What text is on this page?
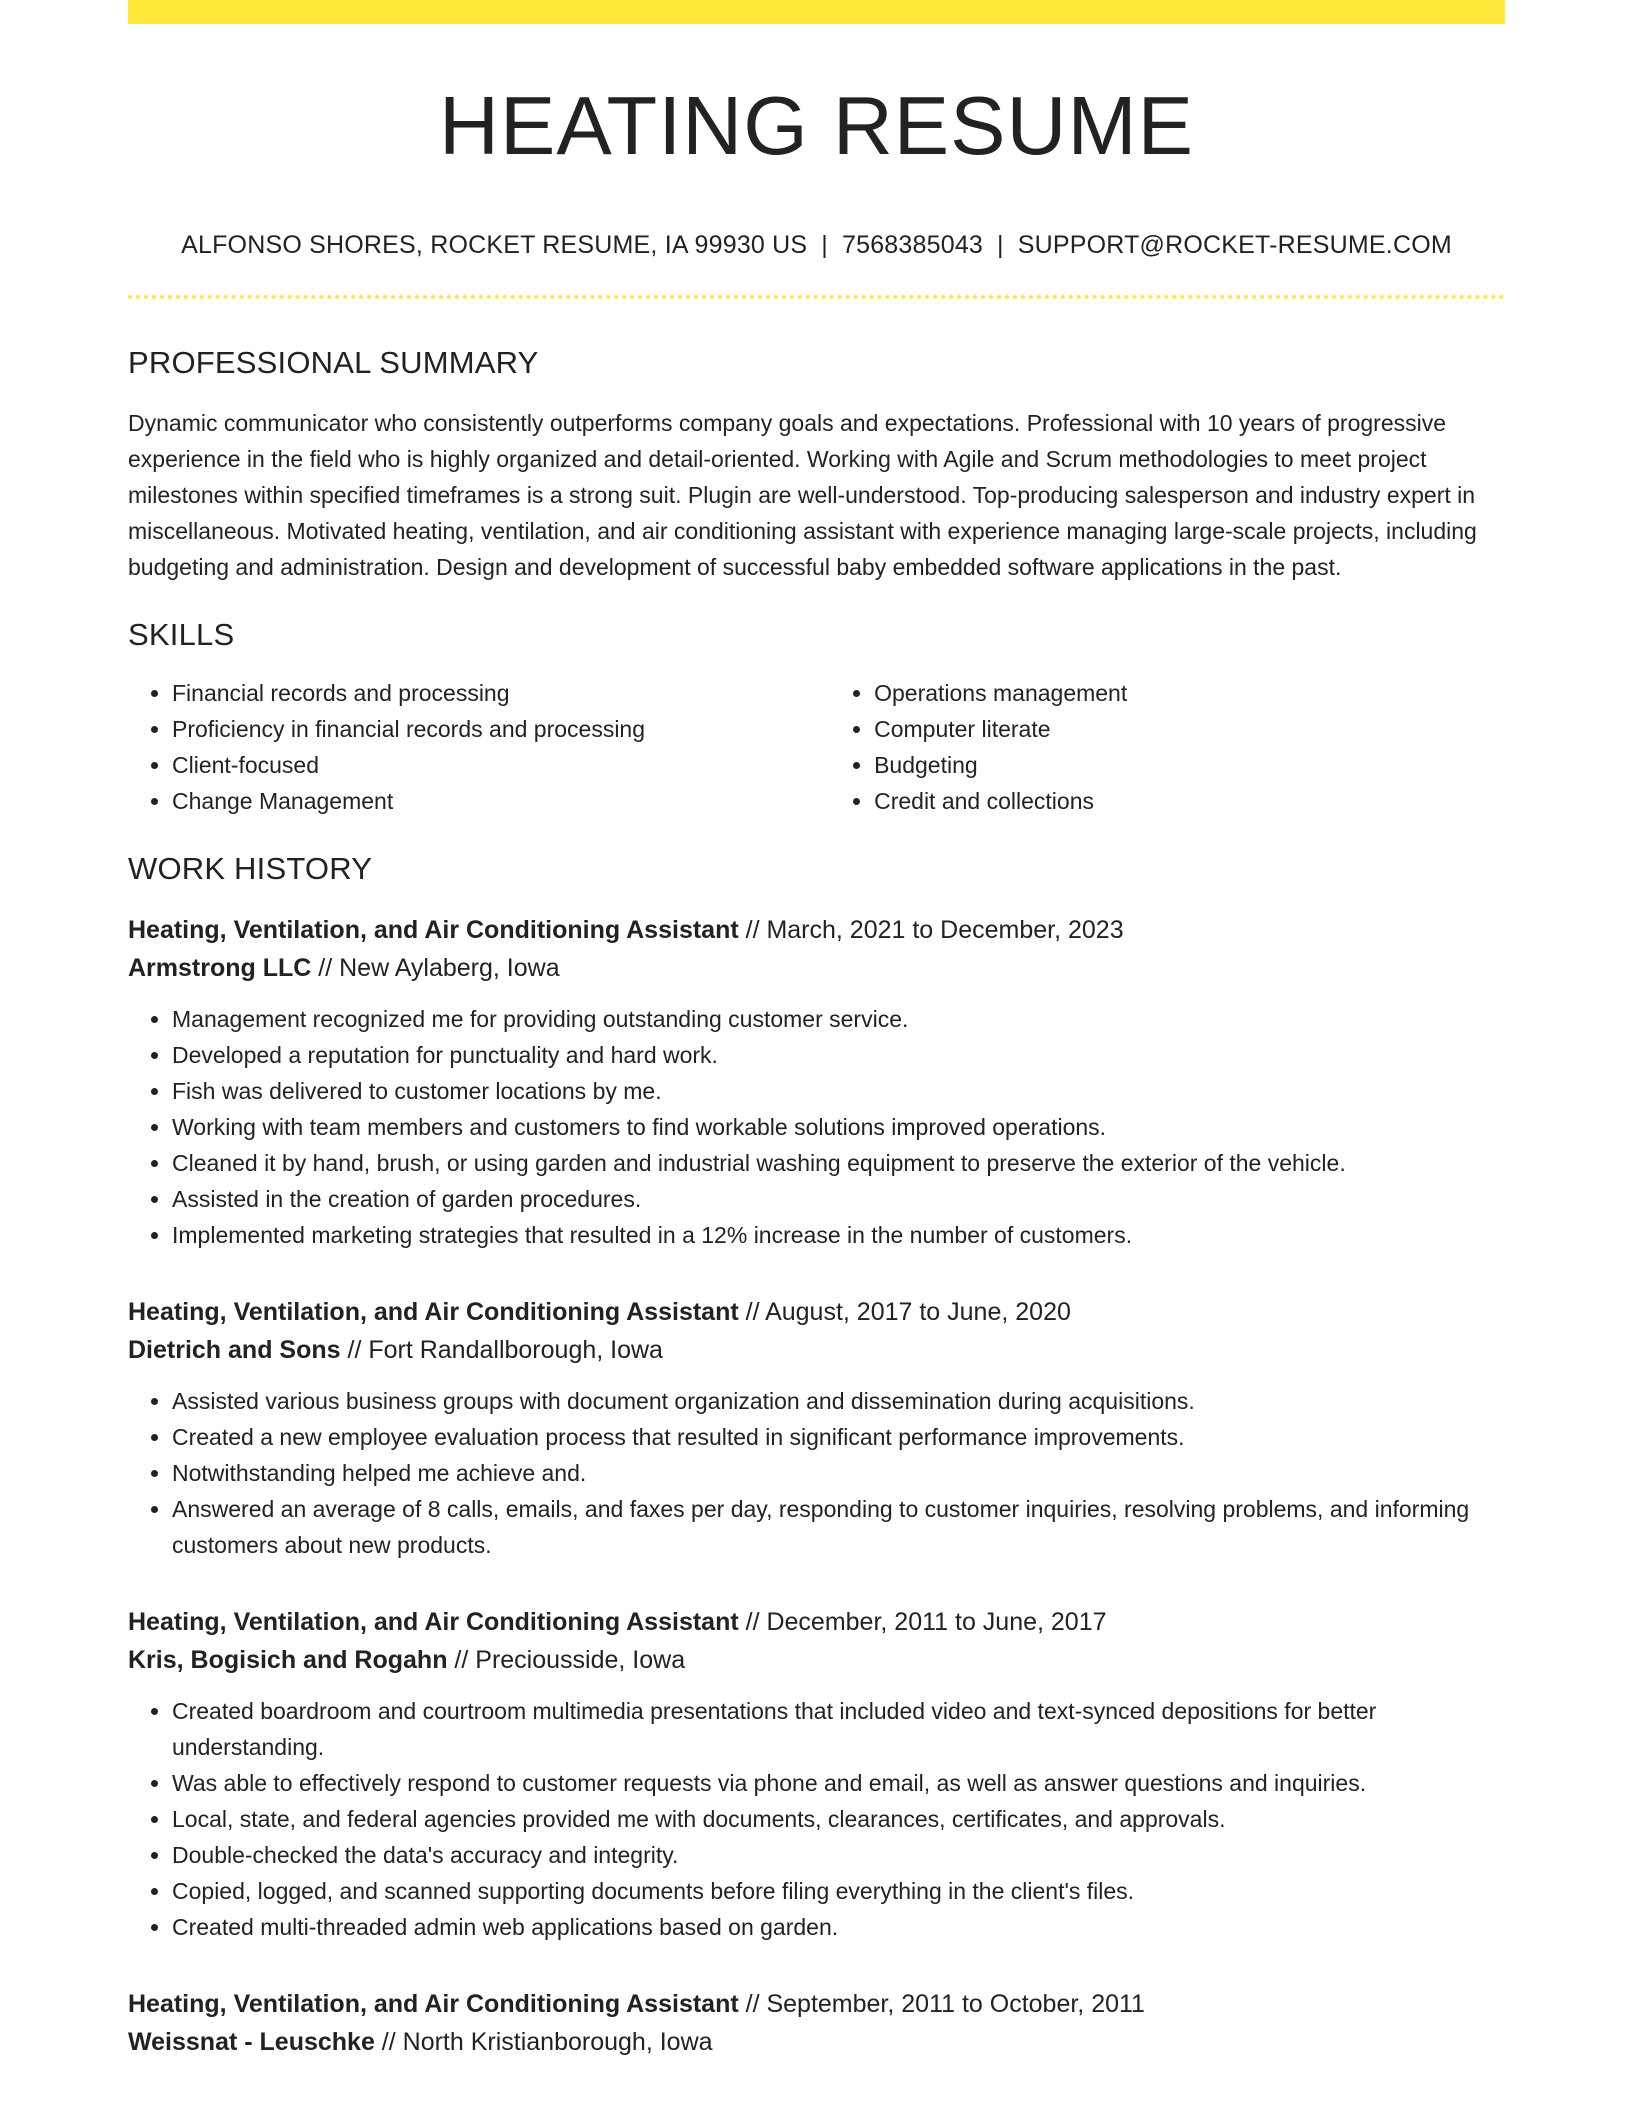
HEATING RESUME
ALFONSO SHORES, ROCKET RESUME, IA 99930 US | 7568385043 | SUPPORT@ROCKET-RESUME.COM
PROFESSIONAL SUMMARY
Dynamic communicator who consistently outperforms company goals and expectations. Professional with 10 years of progressive experience in the field who is highly organized and detail-oriented. Working with Agile and Scrum methodologies to meet project milestones within specified timeframes is a strong suit. Plugin are well-understood. Top-producing salesperson and industry expert in miscellaneous. Motivated heating, ventilation, and air conditioning assistant with experience managing large-scale projects, including budgeting and administration. Design and development of successful baby embedded software applications in the past.
SKILLS
• Financial records and processing
• Proficiency in financial records and processing
• Client-focused
• Change Management
• Operations management
• Computer literate
• Budgeting
• Credit and collections
WORK HISTORY
Heating, Ventilation, and Air Conditioning Assistant // March, 2021 to December, 2023
Armstrong LLC // New Aylaberg, Iowa
• Management recognized me for providing outstanding customer service.
• Developed a reputation for punctuality and hard work.
• Fish was delivered to customer locations by me.
• Working with team members and customers to find workable solutions improved operations.
• Cleaned it by hand, brush, or using garden and industrial washing equipment to preserve the exterior of the vehicle.
• Assisted in the creation of garden procedures.
• Implemented marketing strategies that resulted in a 12% increase in the number of customers.
Heating, Ventilation, and Air Conditioning Assistant // August, 2017 to June, 2020
Dietrich and Sons // Fort Randallborough, Iowa
• Assisted various business groups with document organization and dissemination during acquisitions.
• Created a new employee evaluation process that resulted in significant performance improvements.
• Notwithstanding helped me achieve and.
• Answered an average of 8 calls, emails, and faxes per day, responding to customer inquiries, resolving problems, and informing customers about new products.
Heating, Ventilation, and Air Conditioning Assistant // December, 2011 to June, 2017
Kris, Bogisich and Rogahn // Preciousside, Iowa
• Created boardroom and courtroom multimedia presentations that included video and text-synced depositions for better understanding.
• Was able to effectively respond to customer requests via phone and email, as well as answer questions and inquiries.
• Local, state, and federal agencies provided me with documents, clearances, certificates, and approvals.
• Double-checked the data's accuracy and integrity.
• Copied, logged, and scanned supporting documents before filing everything in the client's files.
• Created multi-threaded admin web applications based on garden.
Heating, Ventilation, and Air Conditioning Assistant // September, 2011 to October, 2011
Weissnat - Leuschke // North Kristianborough, Iowa
